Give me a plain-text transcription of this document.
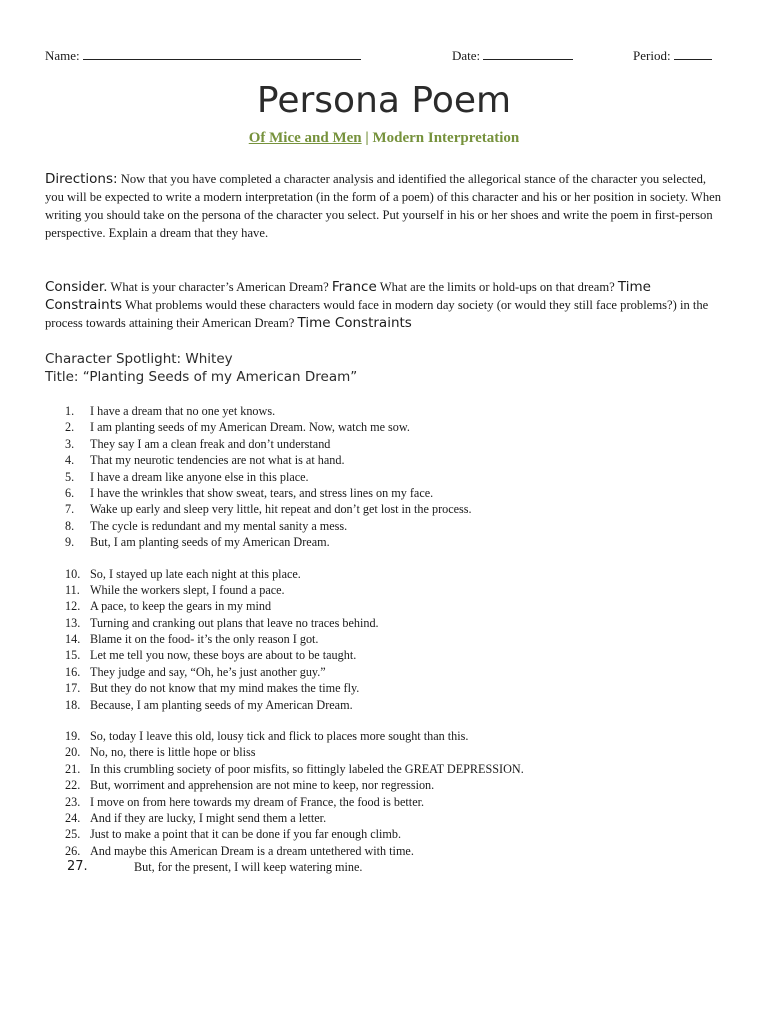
Name:	Date:	Period:
Persona Poem
Of Mice and Men | Modern Interpretation
Directions: Now that you have completed a character analysis and identified the allegorical stance of the character you selected, you will be expected to write a modern interpretation (in the form of a poem) of this character and his or her position in society. When writing you should take on the persona of the character you select. Put yourself in his or her shoes and write the poem in first-person perspective. Explain a dream that they have.
Consider. What is your character’s American Dream? France What are the limits or hold-ups on that dream? Time Constraints What problems would these characters would face in modern day society (or would they still face problems?) in the process towards attaining their American Dream? Time Constraints
Character Spotlight: Whitey
Title: “Planting Seeds of my American Dream”
1.	I have a dream that no one yet knows.
2.	I am planting seeds of my American Dream. Now, watch me sow.
3.	They say I am a clean freak and don’t understand
4.	That my neurotic tendencies are not what is at hand.
5.	I have a dream like anyone else in this place.
6.	I have the wrinkles that show sweat, tears, and stress lines on my face.
7.	Wake up early and sleep very little, hit repeat and don’t get lost in the process.
8.	The cycle is redundant and my mental sanity a mess.
9.	But, I am planting seeds of my American Dream.
10. So, I stayed up late each night at this place.
11. While the workers slept, I found a pace.
12. A pace, to keep the gears in my mind
13. Turning and cranking out plans that leave no traces behind.
14. Blame it on the food- it’s the only reason I got.
15. Let me tell you now, these boys are about to be taught.
16. They judge and say, “Oh, he’s just another guy.”
17. But they do not know that my mind makes the time fly.
18. Because, I am planting seeds of my American Dream.
19. So, today I leave this old, lousy tick and flick to places more sought than this.
20. No, no, there is little hope or bliss
21. In this crumbling society of poor misfits, so fittingly labeled the GREAT DEPRESSION.
22. But, worriment and apprehension are not mine to keep, nor regression.
23. I move on from here towards my dream of France, the food is better.
24. And if they are lucky, I might send them a letter.
25. Just to make a point that it can be done if you far enough climb.
26. And maybe this American Dream is a dream untethered with time.
27.	But, for the present, I will keep watering mine.
